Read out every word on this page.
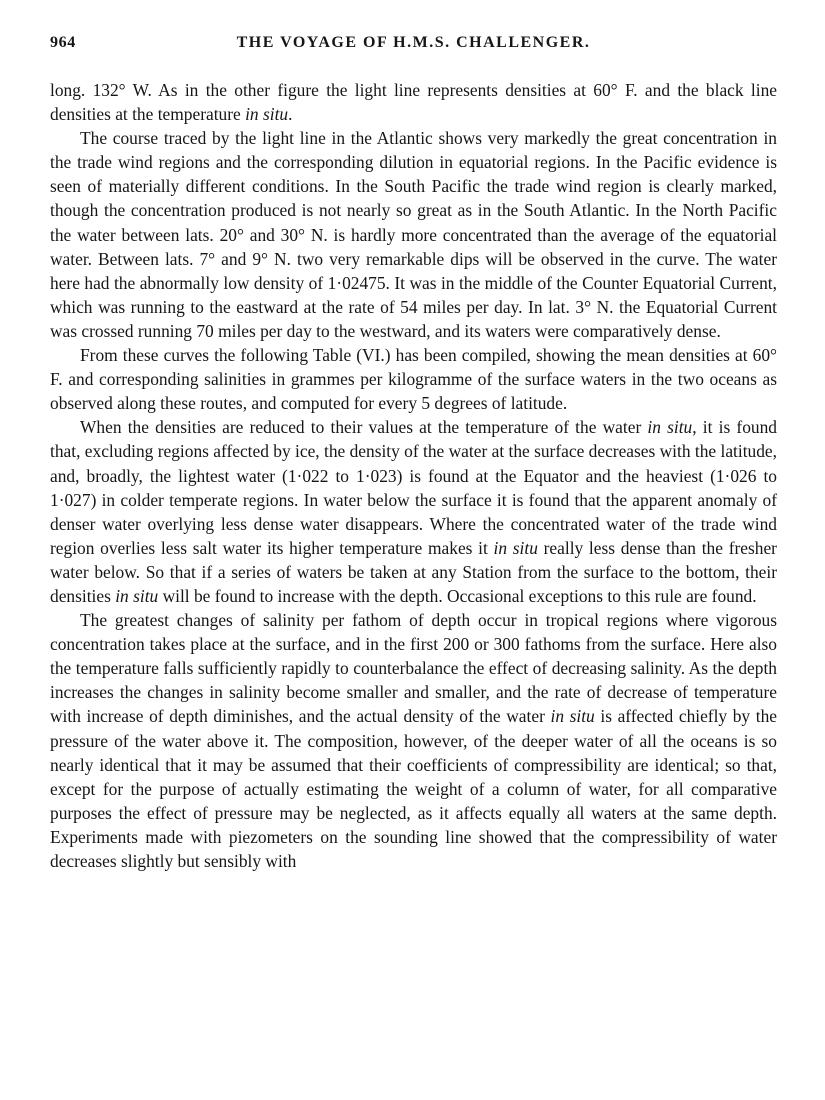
964	THE VOYAGE OF H.M.S. CHALLENGER.

long. 132° W. As in the other figure the light line represents densities at 60° F. and the black line densities at the temperature in situ.

The course traced by the light line in the Atlantic shows very markedly the great concentration in the trade wind regions and the corresponding dilution in equatorial regions. In the Pacific evidence is seen of materially different conditions. In the South Pacific the trade wind region is clearly marked, though the concentration produced is not nearly so great as in the South Atlantic. In the North Pacific the water between lats. 20° and 30° N. is hardly more concentrated than the average of the equatorial water. Between lats. 7° and 9° N. two very remarkable dips will be observed in the curve. The water here had the abnormally low density of 1·02475. It was in the middle of the Counter Equatorial Current, which was running to the eastward at the rate of 54 miles per day. In lat. 3° N. the Equatorial Current was crossed running 70 miles per day to the westward, and its waters were comparatively dense.

From these curves the following Table (VI.) has been compiled, showing the mean densities at 60° F. and corresponding salinities in grammes per kilogramme of the surface waters in the two oceans as observed along these routes, and computed for every 5 degrees of latitude.

When the densities are reduced to their values at the temperature of the water in situ, it is found that, excluding regions affected by ice, the density of the water at the surface decreases with the latitude, and, broadly, the lightest water (1·022 to 1·023) is found at the Equator and the heaviest (1·026 to 1·027) in colder temperate regions. In water below the surface it is found that the apparent anomaly of denser water overlying less dense water disappears. Where the concentrated water of the trade wind region overlies less salt water its higher temperature makes it in situ really less dense than the fresher water below. So that if a series of waters be taken at any Station from the surface to the bottom, their densities in situ will be found to increase with the depth. Occasional exceptions to this rule are found.

The greatest changes of salinity per fathom of depth occur in tropical regions where vigorous concentration takes place at the surface, and in the first 200 or 300 fathoms from the surface. Here also the temperature falls sufficiently rapidly to counterbalance the effect of decreasing salinity. As the depth increases the changes in salinity become smaller and smaller, and the rate of decrease of temperature with increase of depth diminishes, and the actual density of the water in situ is affected chiefly by the pressure of the water above it. The composition, however, of the deeper water of all the oceans is so nearly identical that it may be assumed that their coefficients of compressibility are identical; so that, except for the purpose of actually estimating the weight of a column of water, for all comparative purposes the effect of pressure may be neglected, as it affects equally all waters at the same depth. Experiments made with piezometers on the sounding line showed that the compressibility of water decreases slightly but sensibly with
